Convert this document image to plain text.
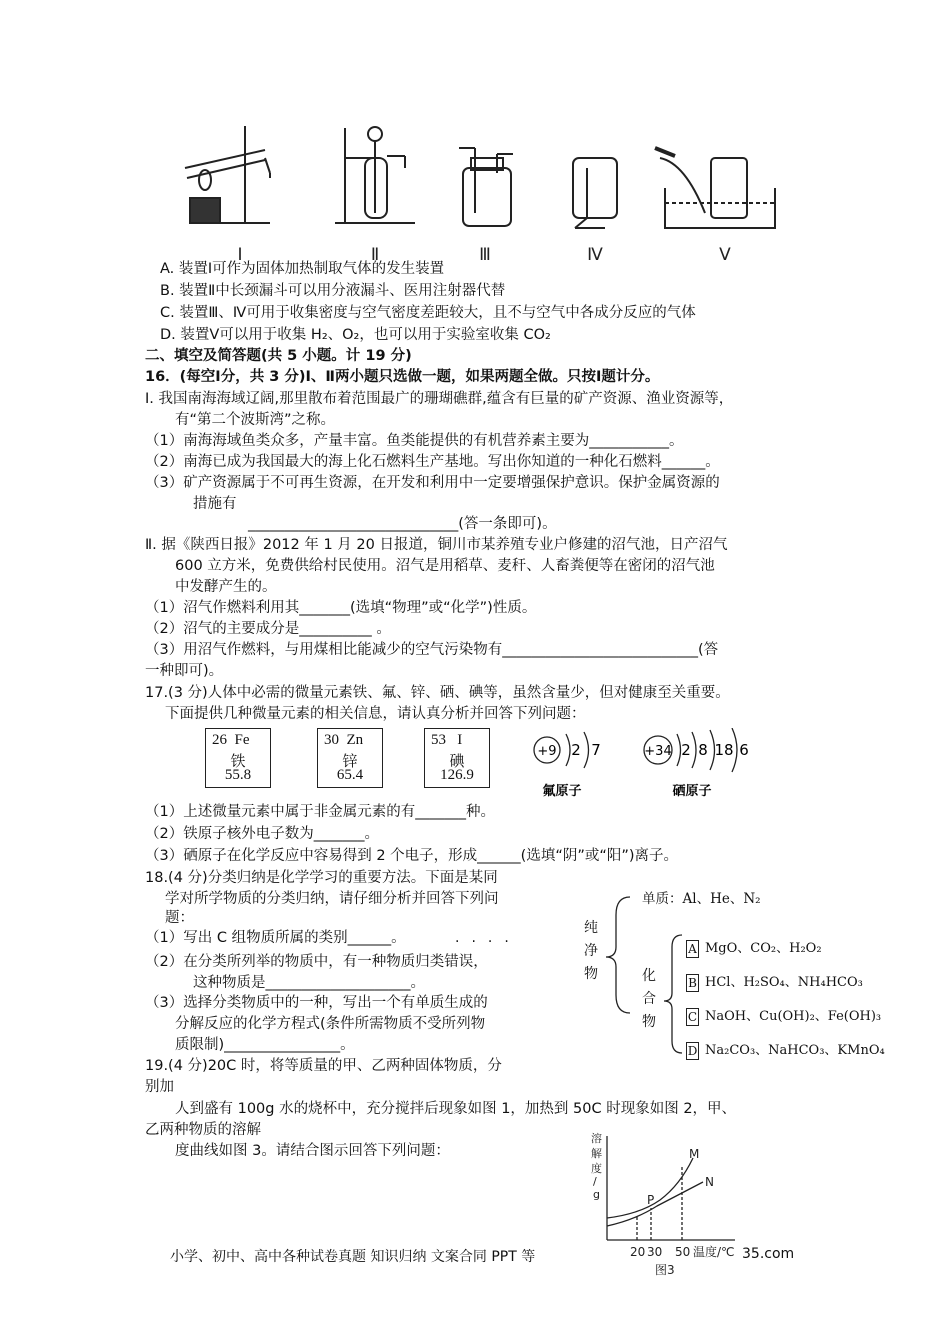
Ⅰ	Ⅱ	Ⅲ	Ⅳ	Ⅴ
A. 装置Ⅰ可作为固体加热制取气体的发生装置
B. 装置Ⅱ中长颈漏斗可以用分液漏斗、医用注射器代替
C. 装置Ⅲ、Ⅳ可用于收集密度与空气密度差距较大，且不与空气中各成分反应的气体
D. 装置Ⅴ可以用于收集 H₂、O₂，也可以用于实验室收集 CO₂
二、填空及简答题(共 5 小题。计 19 分)
16．(每空Ⅰ分，共 3 分)Ⅰ、Ⅱ两小题只选做一题，如果两题全做。只按Ⅰ题计分。
I. 我国南海海域辽阔,那里散布着范围最广的珊瑚礁群,蕴含有巨量的矿产资源、渔业资源等，
有“第二个波斯湾”之称。
（1）南海海域鱼类众多，产量丰富。鱼类能提供的有机营养素主要为___________。
（2）南海已成为我国最大的海上化石燃料生产基地。写出你知道的一种化石燃料______。
（3）矿产资源属于不可再生资源，在开发和利用中一定要增强保护意识。保护金属资源的
措施有
_____________________________(答一条即可)。
Ⅱ. 据《陕西日报》2012 年 1 月 20 日报道，铜川市某养殖专业户修建的沼气池，日产沼气
600 立方米，免费供给村民使用。沼气是用稻草、麦秆、人畜粪便等在密闭的沼气池
中发酵产生的。
（1）沼气作燃料利用其_______(选填“物理”或“化学”)性质。
（2）沼气的主要成分是__________ 。
（3）用沼气作燃料，与用煤相比能减少的空气污染物有___________________________(答
一种即可)。
17.(3 分)人体中必需的微量元素铁、氟、锌、硒、碘等，虽然含量少，但对健康至关重要。
下面提供几种微量元素的相关信息，请认真分析并回答下列问题：
26 Fe
铁
55.8
30 Zn
锌
65.4
53 I
碘
126.9
+9 2 7
氟原子
+34 2 8 18 6
硒原子
（1）上述微量元素中属于非金属元素的有_______种。
（2）铁原子核外电子数为_______。
（3）硒原子在化学反应中容易得到 2 个电子，形成______(选填“阴”或“阳”)离子。
18.(4 分)分类归纳是化学学习的重要方法。下面是某同
学对所学物质的分类归纳，请仔细分析并回答下列问
题：
（1）写出 C 组物质所属的类别______。	····
（2）在分类所列举的物质中，有一种物质归类错误，
这种物质是____________________。
（3）选择分类物质中的一种，写出一个有单质生成的
分解反应的化学方程式(条件所需物质不受所列物
质限制)________________。
纯
净
物
单质：Al、He、N₂
化
合
物
A MgO、CO₂、H₂O₂
B HCl、H₂SO₄、NH₄HCO₃
C NaOH、Cu(OH)₂、Fe(OH)₃
D Na₂CO₃、NaHCO₃、KMnO₄
19.(4 分)20C 时，将等质量的甲、乙两种固体物质，分
别加
人到盛有 100g 水的烧杯中，充分搅拌后现象如图 1，加热到 50C 时现象如图 2，甲、
乙两种物质的溶解
度曲线如图 3。请结合图示回答下列问题：
溶
解
度
/
g
M
N
P
20 30 50 温度/℃
图3
小学、初中、高中各种试卷真题 知识归纳 文案合同 PPT 等	35.com
